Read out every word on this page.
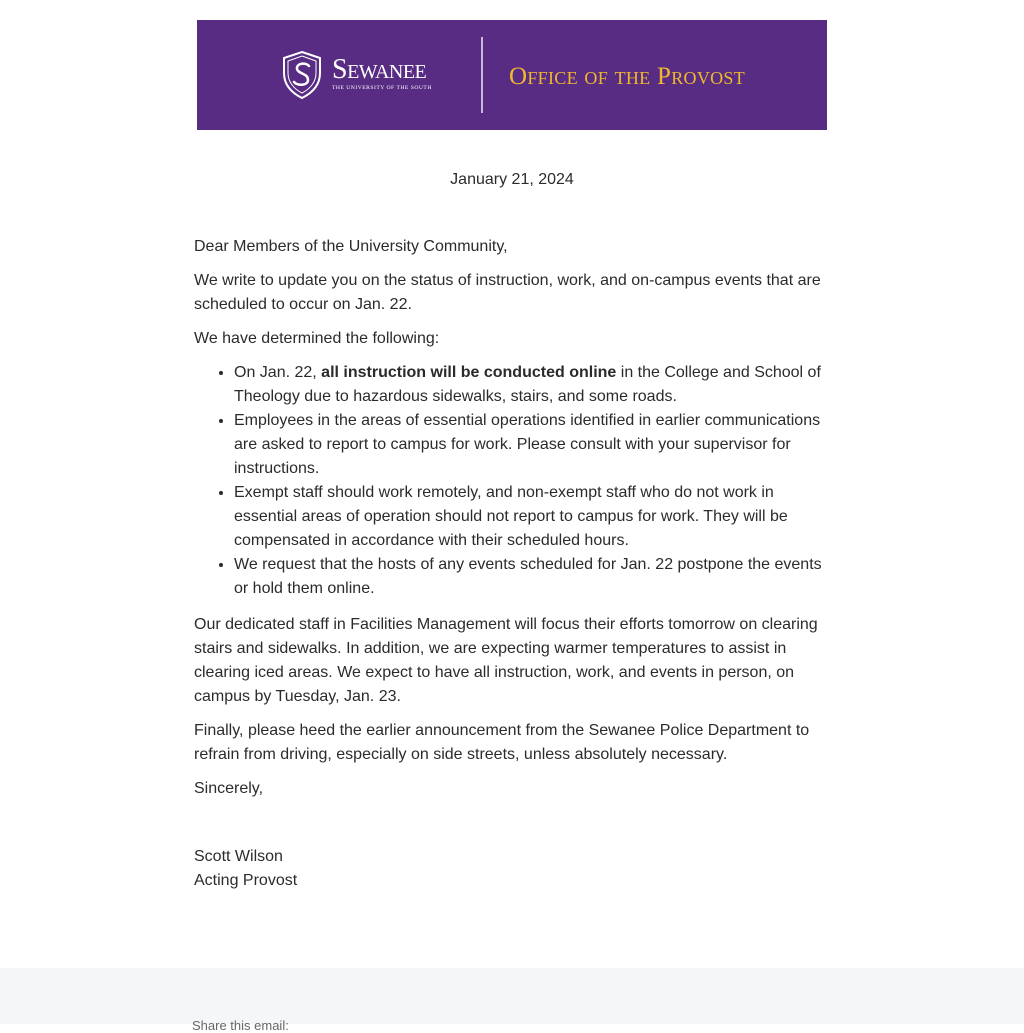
Sewanee
THE UNIVERSITY OF THE SOUTH	Office of the Provost
January 21, 2024

Dear Members of the University Community,

We write to update you on the status of instruction, work, and on-campus events that are scheduled to occur on Jan. 22.

We have determined the following:

• On Jan. 22, all instruction will be conducted online in the College and School of Theology due to hazardous sidewalks, stairs, and some roads.
• Employees in the areas of essential operations identified in earlier communications are asked to report to campus for work. Please consult with your supervisor for instructions.
• Exempt staff should work remotely, and non-exempt staff who do not work in essential areas of operation should not report to campus for work. They will be compensated in accordance with their scheduled hours.
• We request that the hosts of any events scheduled for Jan. 22 postpone the events or hold them online.

Our dedicated staff in Facilities Management will focus their efforts tomorrow on clearing stairs and sidewalks. In addition, we are expecting warmer temperatures to assist in clearing iced areas. We expect to have all instruction, work, and events in person, on campus by Tuesday, Jan. 23.

Finally, please heed the earlier announcement from the Sewanee Police Department to refrain from driving, especially on side streets, unless absolutely necessary.

Sincerely,

Scott Wilson
Acting Provost
Share this email:
